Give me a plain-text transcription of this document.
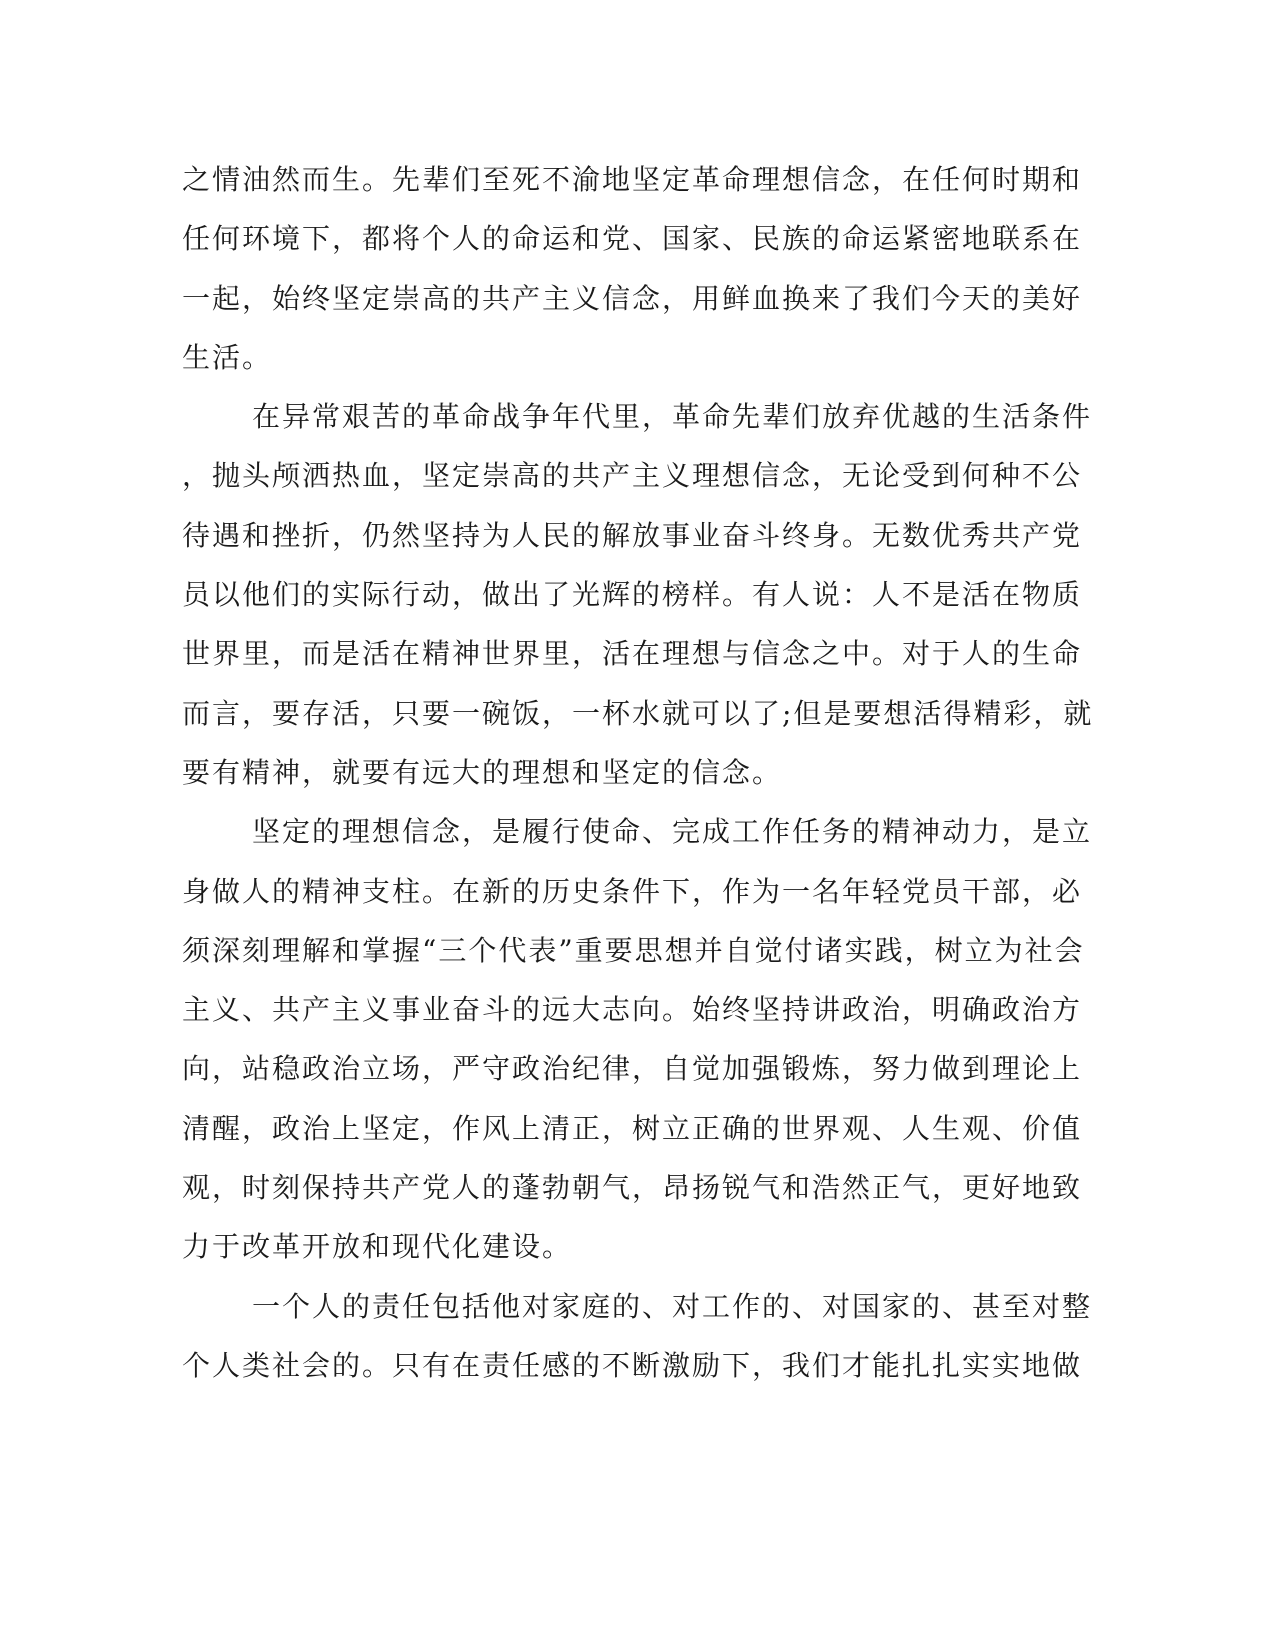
之情油然而生。先辈们至死不渝地坚定革命理想信念，在任何时期和
任何环境下，都将个人的命运和党、国家、民族的命运紧密地联系在
一起，始终坚定崇高的共产主义信念，用鲜血换来了我们今天的美好
生活。
在异常艰苦的革命战争年代里，革命先辈们放弃优越的生活条件
，抛头颅洒热血，坚定崇高的共产主义理想信念，无论受到何种不公
待遇和挫折，仍然坚持为人民的解放事业奋斗终身。无数优秀共产党
员以他们的实际行动，做出了光辉的榜样。有人说：人不是活在物质
世界里，而是活在精神世界里，活在理想与信念之中。对于人的生命
而言，要存活，只要一碗饭，一杯水就可以了;但是要想活得精彩，就
要有精神，就要有远大的理想和坚定的信念。
坚定的理想信念，是履行使命、完成工作任务的精神动力，是立
身做人的精神支柱。在新的历史条件下，作为一名年轻党员干部，必
须深刻理解和掌握“三个代表”重要思想并自觉付诸实践，树立为社会
主义、共产主义事业奋斗的远大志向。始终坚持讲政治，明确政治方
向，站稳政治立场，严守政治纪律，自觉加强锻炼，努力做到理论上
清醒，政治上坚定，作风上清正，树立正确的世界观、人生观、价值
观，时刻保持共产党人的蓬勃朝气，昂扬锐气和浩然正气，更好地致
力于改革开放和现代化建设。
一个人的责任包括他对家庭的、对工作的、对国家的、甚至对整
个人类社会的。只有在责任感的不断激励下，我们才能扎扎实实地做
